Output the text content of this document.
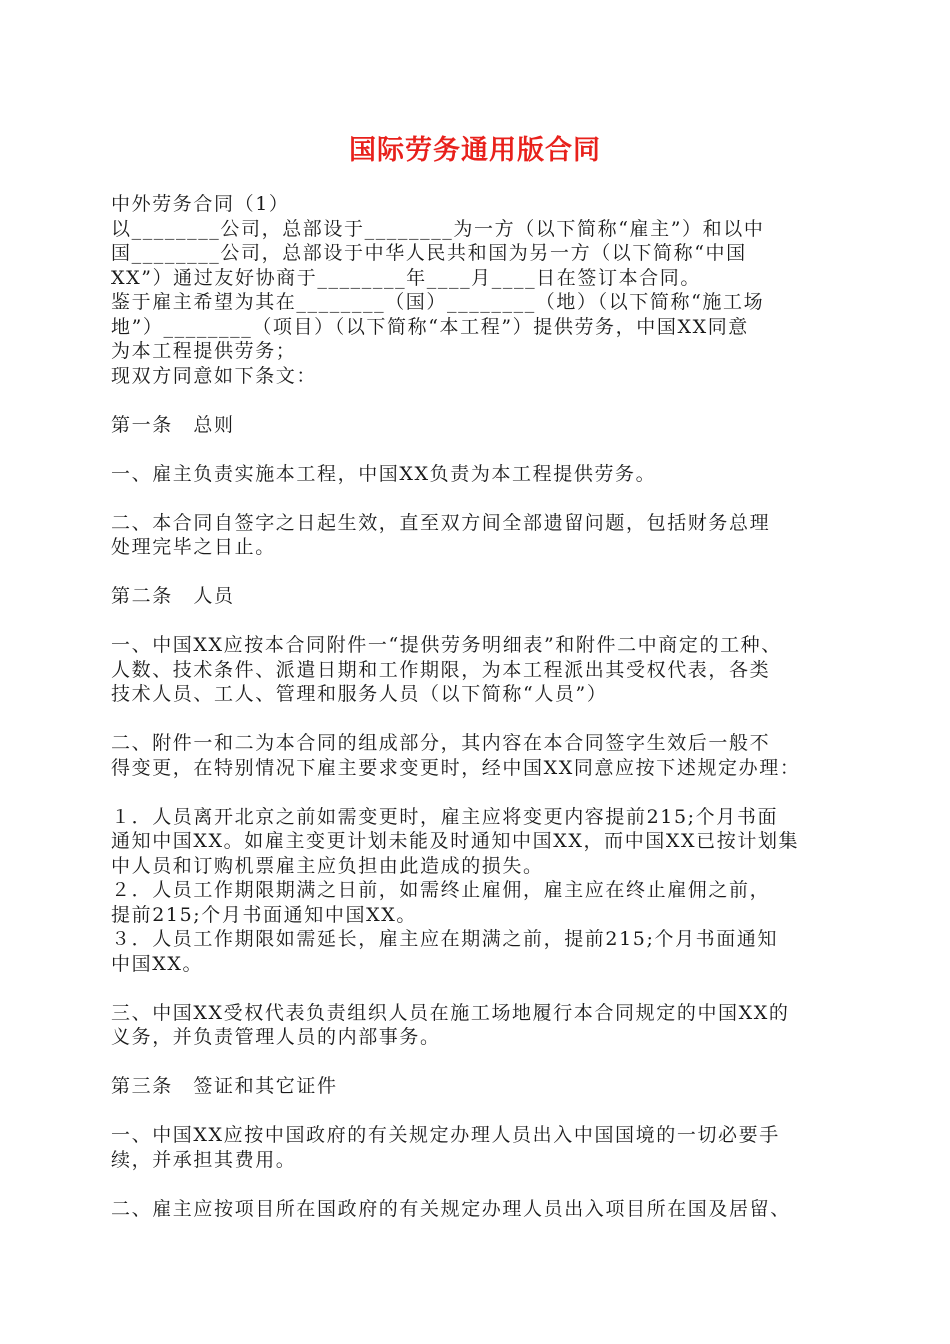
国际劳务通用版合同
中外劳务合同（1）
以________公司，总部设于________为一方（以下简称“雇主”）和以中
国________公司，总部设于中华人民共和国为另一方（以下简称“中国
XX”）通过友好协商于________年____月____日在签订本合同。
鉴于雇主希望为其在________（国）________（地）（以下简称“施工场
地”）________（项目）（以下简称“本工程”）提供劳务，中国XX同意
为本工程提供劳务；
现双方同意如下条文：
第一条　总则
一、雇主负责实施本工程，中国XX负责为本工程提供劳务。
二、本合同自签字之日起生效，直至双方间全部遗留问题，包括财务总理
处理完毕之日止。
第二条　人员
一、中国XX应按本合同附件一“提供劳务明细表”和附件二中商定的工种、
人数、技术条件、派遣日期和工作期限，为本工程派出其受权代表，各类
技术人员、工人、管理和服务人员（以下简称“人员”）
二、附件一和二为本合同的组成部分，其内容在本合同签字生效后一般不
得变更，在特别情况下雇主要求变更时，经中国XX同意应按下述规定办理：
１．人员离开北京之前如需变更时，雇主应将变更内容提前215;个月书面
通知中国XX。如雇主变更计划未能及时通知中国XX，而中国XX已按计划集
中人员和订购机票雇主应负担由此造成的损失。
２．人员工作期限期满之日前，如需终止雇佣，雇主应在终止雇佣之前，
提前215;个月书面通知中国XX。
３．人员工作期限如需延长，雇主应在期满之前，提前215;个月书面通知
中国XX。
三、中国XX受权代表负责组织人员在施工场地履行本合同规定的中国XX的
义务，并负责管理人员的内部事务。
第三条　签证和其它证件
一、中国XX应按中国政府的有关规定办理人员出入中国国境的一切必要手
续，并承担其费用。
二、雇主应按项目所在国政府的有关规定办理人员出入项目所在国及居留、
